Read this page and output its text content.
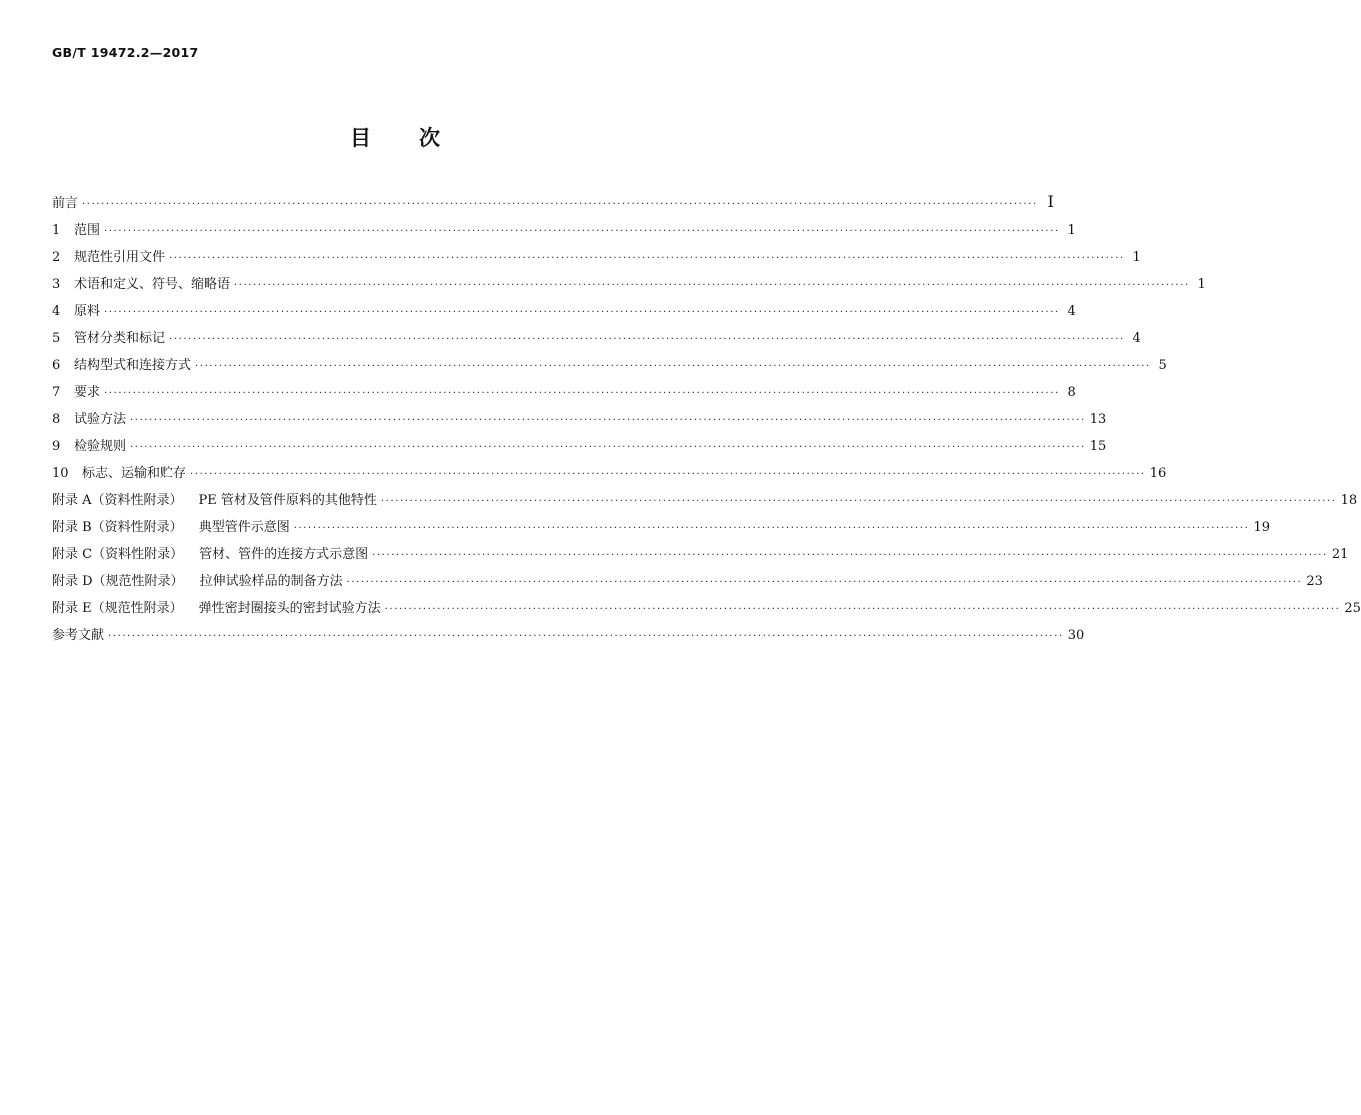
GB/T 19472.2—2017
目 次
前言 ········································································································································································································ Ⅰ
1 范围 ········································································································································································································ 1
2 规范性引用文件 ········································································································································································································ 1
3 术语和定义、符号、缩略语 ········································································································································································································ 1
4 原料 ········································································································································································································ 4
5 管材分类和标记 ········································································································································································································ 4
6 结构型式和连接方式 ········································································································································································································ 5
7 要求 ········································································································································································································ 8
8 试验方法 ········································································································································································································ 13
9 检验规则 ········································································································································································································ 15
10 标志、运输和贮存 ········································································································································································································ 16
附录 A（资料性附录） PE 管材及管件原料的其他特性 ········································································································································································································ 18
附录 B（资料性附录） 典型管件示意图 ········································································································································································································ 19
附录 C（资料性附录） 管材、管件的连接方式示意图 ········································································································································································································ 21
附录 D（规范性附录） 拉伸试验样品的制备方法 ········································································································································································································ 23
附录 E（规范性附录） 弹性密封圈接头的密封试验方法 ········································································································································································································ 25
参考文献 ········································································································································································································ 30
